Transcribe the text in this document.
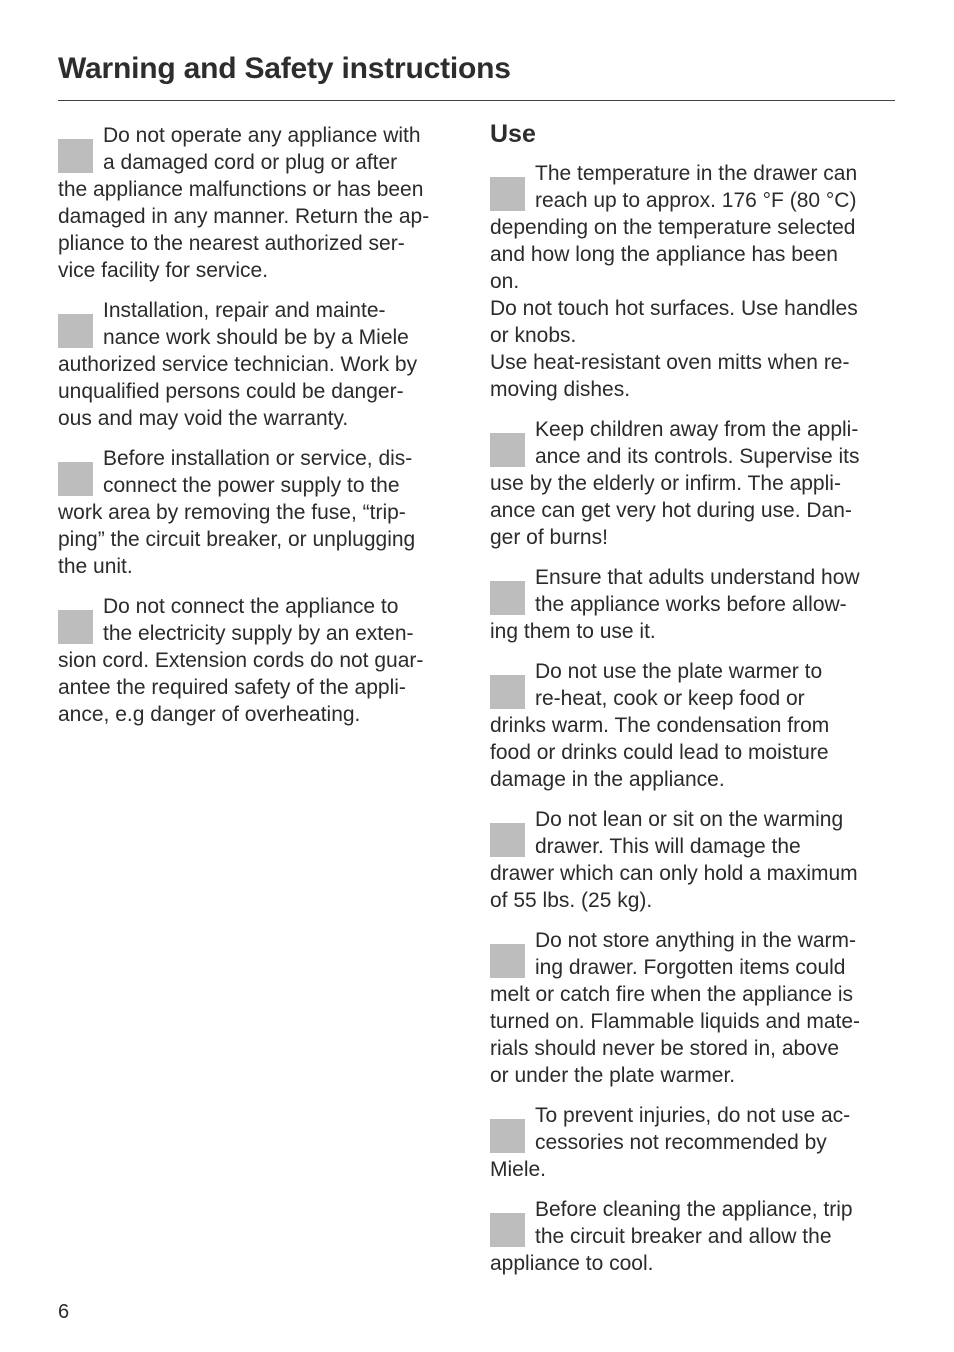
Warning and Safety instructions

Do not operate any appliance with
a damaged cord or plug or after
the appliance malfunctions or has been
damaged in any manner. Return the ap-
pliance to the nearest authorized ser-
vice facility for service.

Installation, repair and mainte-
nance work should be by a Miele
authorized service technician. Work by
unqualified persons could be danger-
ous and may void the warranty.

Before installation or service, dis-
connect the power supply to the
work area by removing the fuse, “trip-
ping” the circuit breaker, or unplugging
the unit.

Do not connect the appliance to
the electricity supply by an exten-
sion cord. Extension cords do not guar-
antee the required safety of the appli-
ance, e.g danger of overheating.

Use

The temperature in the drawer can
reach up to approx. 176 °F (80 °C)
depending on the temperature selected
and how long the appliance has been
on.
Do not touch hot surfaces. Use handles
or knobs.
Use heat-resistant oven mitts when re-
moving dishes.

Keep children away from the appli-
ance and its controls. Supervise its
use by the elderly or infirm. The appli-
ance can get very hot during use. Dan-
ger of burns!

Ensure that adults understand how
the appliance works before allow-
ing them to use it.

Do not use the plate warmer to
re-heat, cook or keep food or
drinks warm. The condensation from
food or drinks could lead to moisture
damage in the appliance.

Do not lean or sit on the warming
drawer. This will damage the
drawer which can only hold a maximum
of 55 lbs. (25 kg).

Do not store anything in the warm-
ing drawer. Forgotten items could
melt or catch fire when the appliance is
turned on. Flammable liquids and mate-
rials should never be stored in, above
or under the plate warmer.

To prevent injuries, do not use ac-
cessories not recommended by
Miele.

Before cleaning the appliance, trip
the circuit breaker and allow the
appliance to cool.

6
